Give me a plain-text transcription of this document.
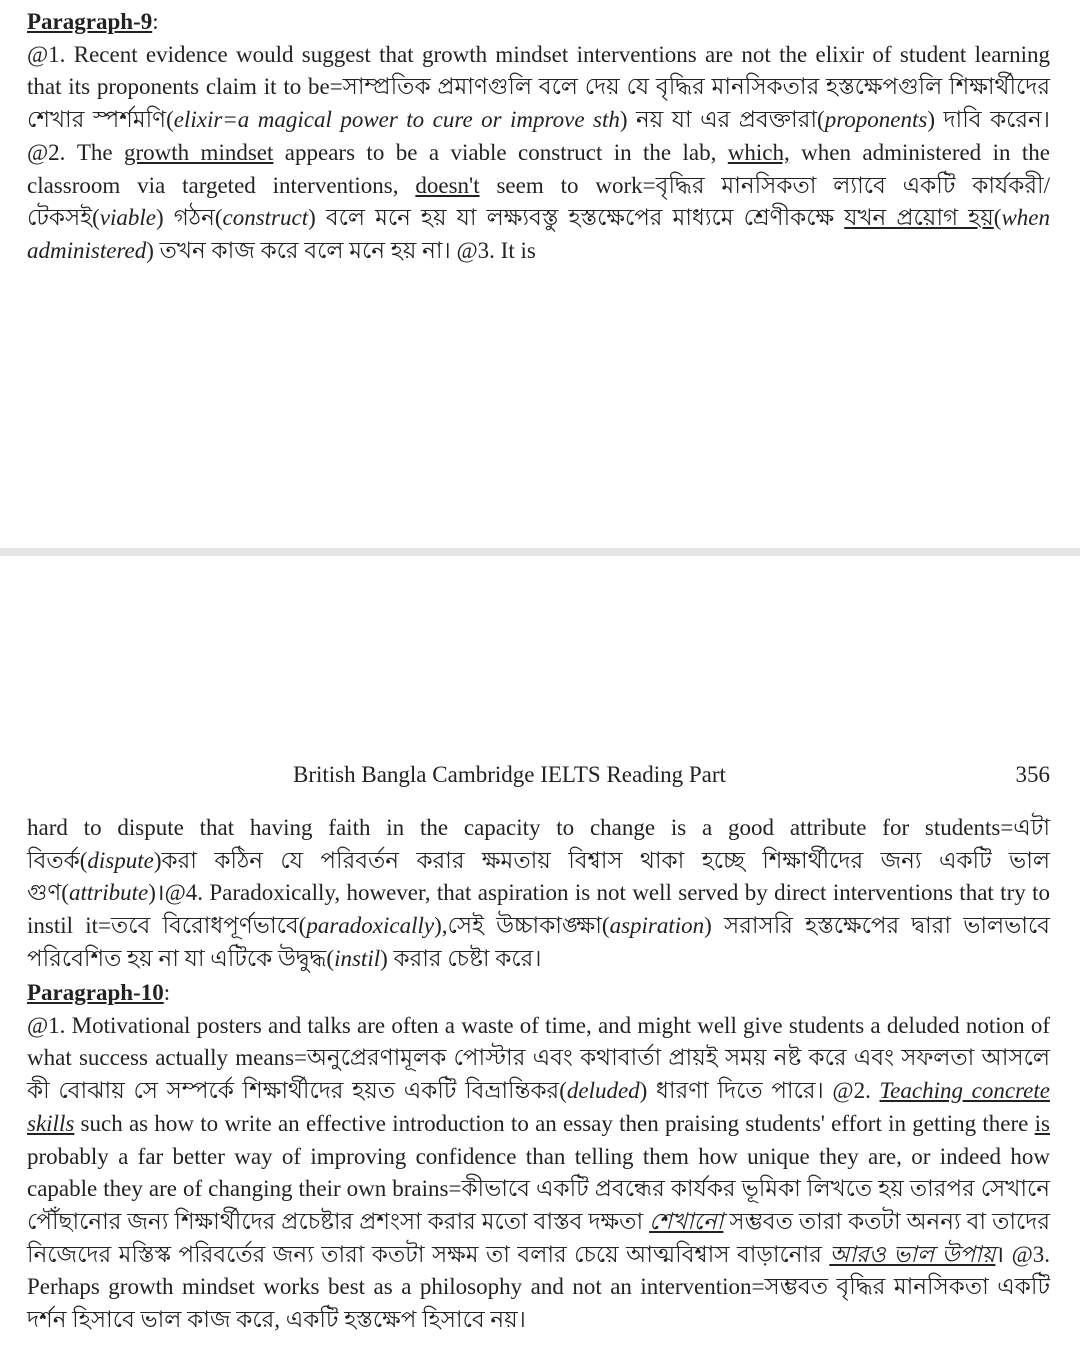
Paragraph-9:
@1. Recent evidence would suggest that growth mindset interventions are not the elixir of student learning that its proponents claim it to be=সাম্প্রতিক প্রমাণগুলি বলে দেয় যে বৃদ্ধির মানসিকতার হস্তক্ষেপগুলি শিক্ষার্থীদের শেখার স্পর্শমণি(elixir=a magical power to cure or improve sth) নয় যা এর প্রবক্তারা(proponents) দাবি করেন। @2. The growth mindset appears to be a viable construct in the lab, which, when administered in the classroom via targeted interventions, doesn't seem to work=বৃদ্ধির মানসিকতা ল্যাবে একটি কার্যকরী/টেকসই(viable) গঠন(construct) বলে মনে হয় যা লক্ষ্যবস্তু হস্তক্ষেপের মাধ্যমে শ্রেণীকক্ষে যখন প্রয়োগ হয়(when administered) তখন কাজ করে বলে মনে হয় না। @3. It is
British Bangla Cambridge IELTS Reading Part	356
hard to dispute that having faith in the capacity to change is a good attribute for students=এটা বিতর্ক(dispute)করা কঠিন যে পরিবর্তন করার ক্ষমতায় বিশ্বাস থাকা হচ্ছে শিক্ষার্থীদের জন্য একটি ভাল গুণ(attribute)।@4. Paradoxically, however, that aspiration is not well served by direct interventions that try to instil it=তবে বিরোধপূর্ণভাবে(paradoxically),সেই উচ্চাকাঙ্ক্ষা(aspiration) সরাসরি হস্তক্ষেপের দ্বারা ভালভাবে পরিবেশিত হয় না যা এটিকে উদ্বুদ্ধ(instil) করার চেষ্টা করে।
Paragraph-10:
@1. Motivational posters and talks are often a waste of time, and might well give students a deluded notion of what success actually means=অনুপ্রেরণামূলক পোস্টার এবং কথাবার্তা প্রায়ই সময় নষ্ট করে এবং সফলতা আসলে কী বোঝায় সে সম্পর্কে শিক্ষার্থীদের হয়ত একটি বিভ্রান্তিকর(deluded) ধারণা দিতে পারে। @2. Teaching concrete skills such as how to write an effective introduction to an essay then praising students' effort in getting there is probably a far better way of improving confidence than telling them how unique they are, or indeed how capable they are of changing their own brains=কীভাবে একটি প্রবন্ধের কার্যকর ভূমিকা লিখতে হয় তারপর সেখানে পৌঁছানোর জন্য শিক্ষার্থীদের প্রচেষ্টার প্রশংসা করার মতো বাস্তব দক্ষতা শেখানো সম্ভবত তারা কতটা অনন্য বা তাদের নিজেদের মস্তিস্ক পরিবর্তের জন্য তারা কতটা সক্ষম তা বলার চেয়ে আত্মবিশ্বাস বাড়ানোর আরও ভাল উপায়। @3. Perhaps growth mindset works best as a philosophy and not an intervention=সম্ভবত বৃদ্ধির মানসিকতা একটি দর্শন হিসাবে ভাল কাজ করে, একটি হস্তক্ষেপ হিসাবে নয়।
